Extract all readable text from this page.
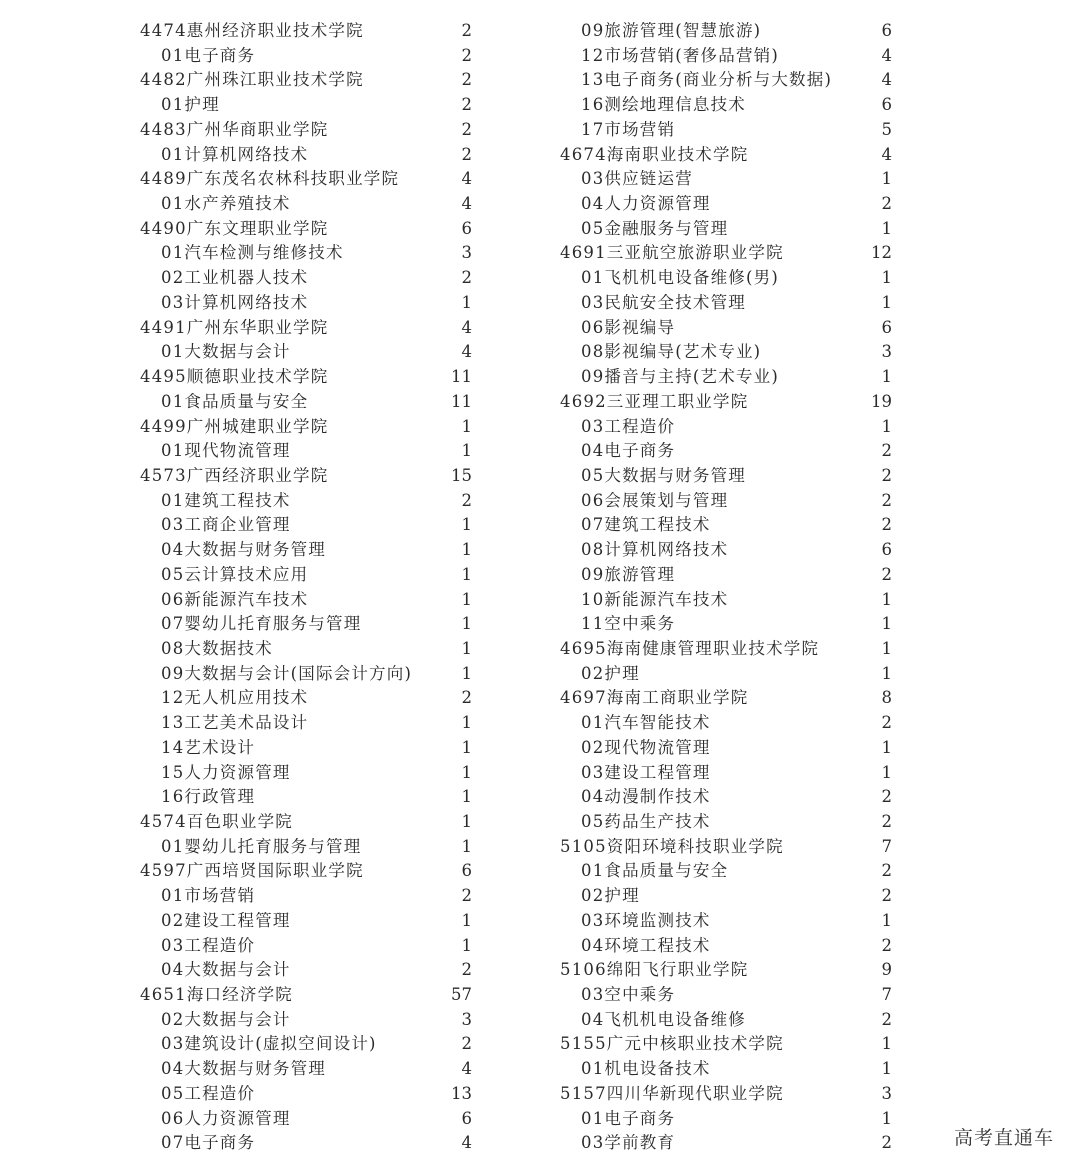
4474惠州经济职业技术学院	2
01电子商务	2
4482广州珠江职业技术学院	2
01护理	2
4483广州华商职业学院	2
01计算机网络技术	2
4489广东茂名农林科技职业学院	4
01水产养殖技术	4
4490广东文理职业学院	6
01汽车检测与维修技术	3
02工业机器人技术	2
03计算机网络技术	1
4491广州东华职业学院	4
01大数据与会计	4
4495顺德职业技术学院	11
01食品质量与安全	11
4499广州城建职业学院	1
01现代物流管理	1
4573广西经济职业学院	15
01建筑工程技术	2
03工商企业管理	1
04大数据与财务管理	1
05云计算技术应用	1
06新能源汽车技术	1
07婴幼儿托育服务与管理	1
08大数据技术	1
09大数据与会计(国际会计方向)	1
12无人机应用技术	2
13工艺美术品设计	1
14艺术设计	1
15人力资源管理	1
16行政管理	1
4574百色职业学院	1
01婴幼儿托育服务与管理	1
4597广西培贤国际职业学院	6
01市场营销	2
02建设工程管理	1
03工程造价	1
04大数据与会计	2
4651海口经济学院	57
02大数据与会计	3
03建筑设计(虚拟空间设计)	2
04大数据与财务管理	4
05工程造价	13
06人力资源管理	6
07电子商务	4
09旅游管理(智慧旅游)	6
12市场营销(奢侈品营销)	4
13电子商务(商业分析与大数据)	4
16测绘地理信息技术	6
17市场营销	5
4674海南职业技术学院	4
03供应链运营	1
04人力资源管理	2
05金融服务与管理	1
4691三亚航空旅游职业学院	12
01飞机机电设备维修(男)	1
03民航安全技术管理	1
06影视编导	6
08影视编导(艺术专业)	3
09播音与主持(艺术专业)	1
4692三亚理工职业学院	19
03工程造价	1
04电子商务	2
05大数据与财务管理	2
06会展策划与管理	2
07建筑工程技术	2
08计算机网络技术	6
09旅游管理	2
10新能源汽车技术	1
11空中乘务	1
4695海南健康管理职业技术学院	1
02护理	1
4697海南工商职业学院	8
01汽车智能技术	2
02现代物流管理	1
03建设工程管理	1
04动漫制作技术	2
05药品生产技术	2
5105资阳环境科技职业学院	7
01食品质量与安全	2
02护理	2
03环境监测技术	1
04环境工程技术	2
5106绵阳飞行职业学院	9
03空中乘务	7
04飞机机电设备维修	2
5155广元中核职业技术学院	1
01机电设备技术	1
5157四川华新现代职业学院	3
01电子商务	1
03学前教育	2	高考直通车
